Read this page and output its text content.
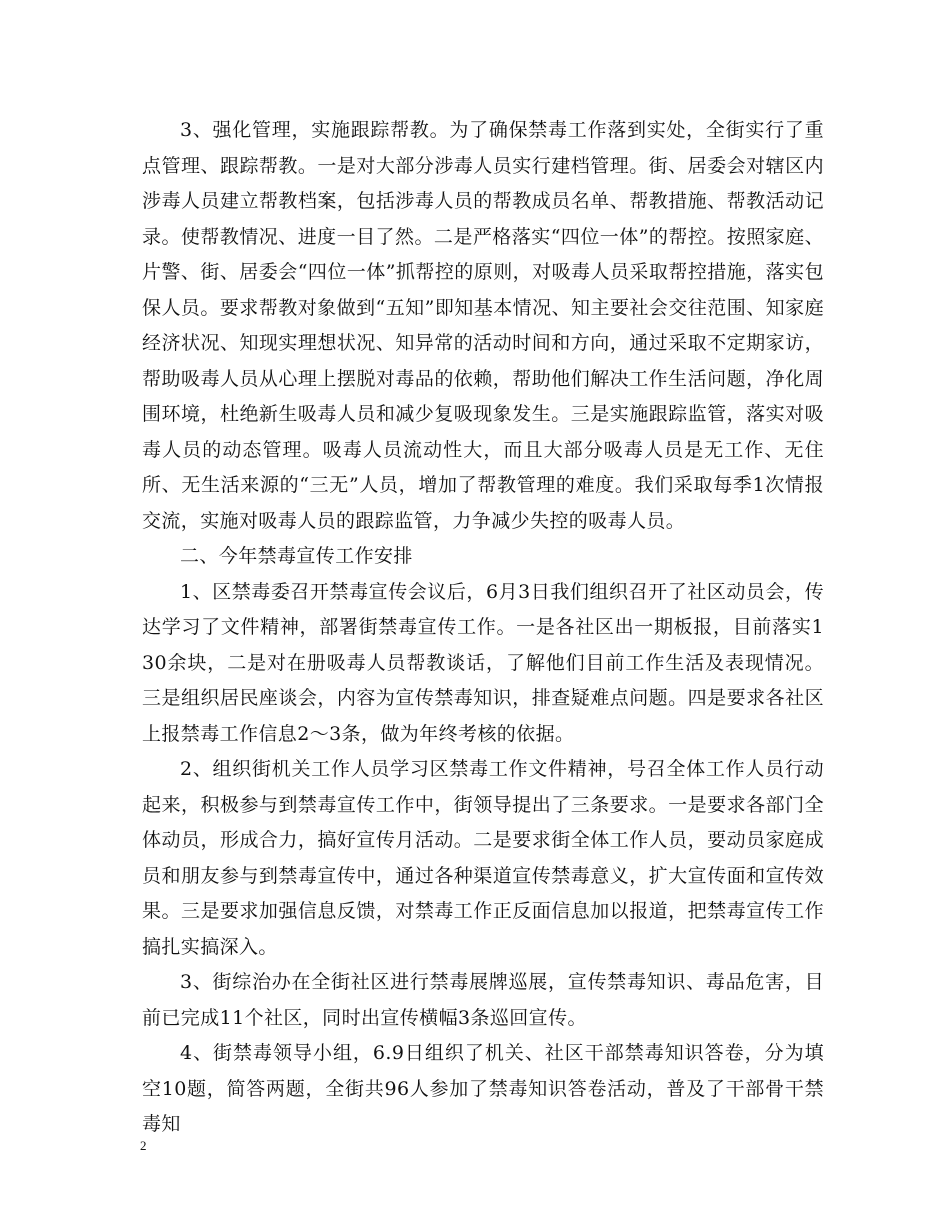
3、强化管理，实施跟踪帮教。为了确保禁毒工作落到实处，全街实行了重点管理、跟踪帮教。一是对大部分涉毒人员实行建档管理。街、居委会对辖区内涉毒人员建立帮教档案，包括涉毒人员的帮教成员名单、帮教措施、帮教活动记录。使帮教情况、进度一目了然。二是严格落实“四位一体”的帮控。按照家庭、片警、街、居委会“四位一体”抓帮控的原则，对吸毒人员采取帮控措施，落实包保人员。要求帮教对象做到“五知”即知基本情况、知主要社会交往范围、知家庭经济状况、知现实理想状况、知异常的活动时间和方向，通过采取不定期家访，帮助吸毒人员从心理上摆脱对毒品的依赖，帮助他们解决工作生活问题，净化周围环境，杜绝新生吸毒人员和减少复吸现象发生。三是实施跟踪监管，落实对吸毒人员的动态管理。吸毒人员流动性大，而且大部分吸毒人员是无工作、无住所、无生活来源的“三无”人员，增加了帮教管理的难度。我们采取每季1次情报交流，实施对吸毒人员的跟踪监管，力争减少失控的吸毒人员。

二、今年禁毒宣传工作安排

1、区禁毒委召开禁毒宣传会议后，6月3日我们组织召开了社区动员会，传达学习了文件精神，部署街禁毒宣传工作。一是各社区出一期板报，目前落实130余块，二是对在册吸毒人员帮教谈话，了解他们目前工作生活及表现情况。三是组织居民座谈会，内容为宣传禁毒知识，排查疑难点问题。四是要求各社区上报禁毒工作信息2～3条，做为年终考核的依据。

2、组织街机关工作人员学习区禁毒工作文件精神，号召全体工作人员行动起来，积极参与到禁毒宣传工作中，街领导提出了三条要求。一是要求各部门全体动员，形成合力，搞好宣传月活动。二是要求街全体工作人员，要动员家庭成员和朋友参与到禁毒宣传中，通过各种渠道宣传禁毒意义，扩大宣传面和宣传效果。三是要求加强信息反馈，对禁毒工作正反面信息加以报道，把禁毒宣传工作搞扎实搞深入。

3、街综治办在全街社区进行禁毒展牌巡展，宣传禁毒知识、毒品危害，目前已完成11个社区，同时出宣传横幅3条巡回宣传。

4、街禁毒领导小组，6.9日组织了机关、社区干部禁毒知识答卷，分为填空10题，简答两题，全街共96人参加了禁毒知识答卷活动，普及了干部骨干禁毒知

2
